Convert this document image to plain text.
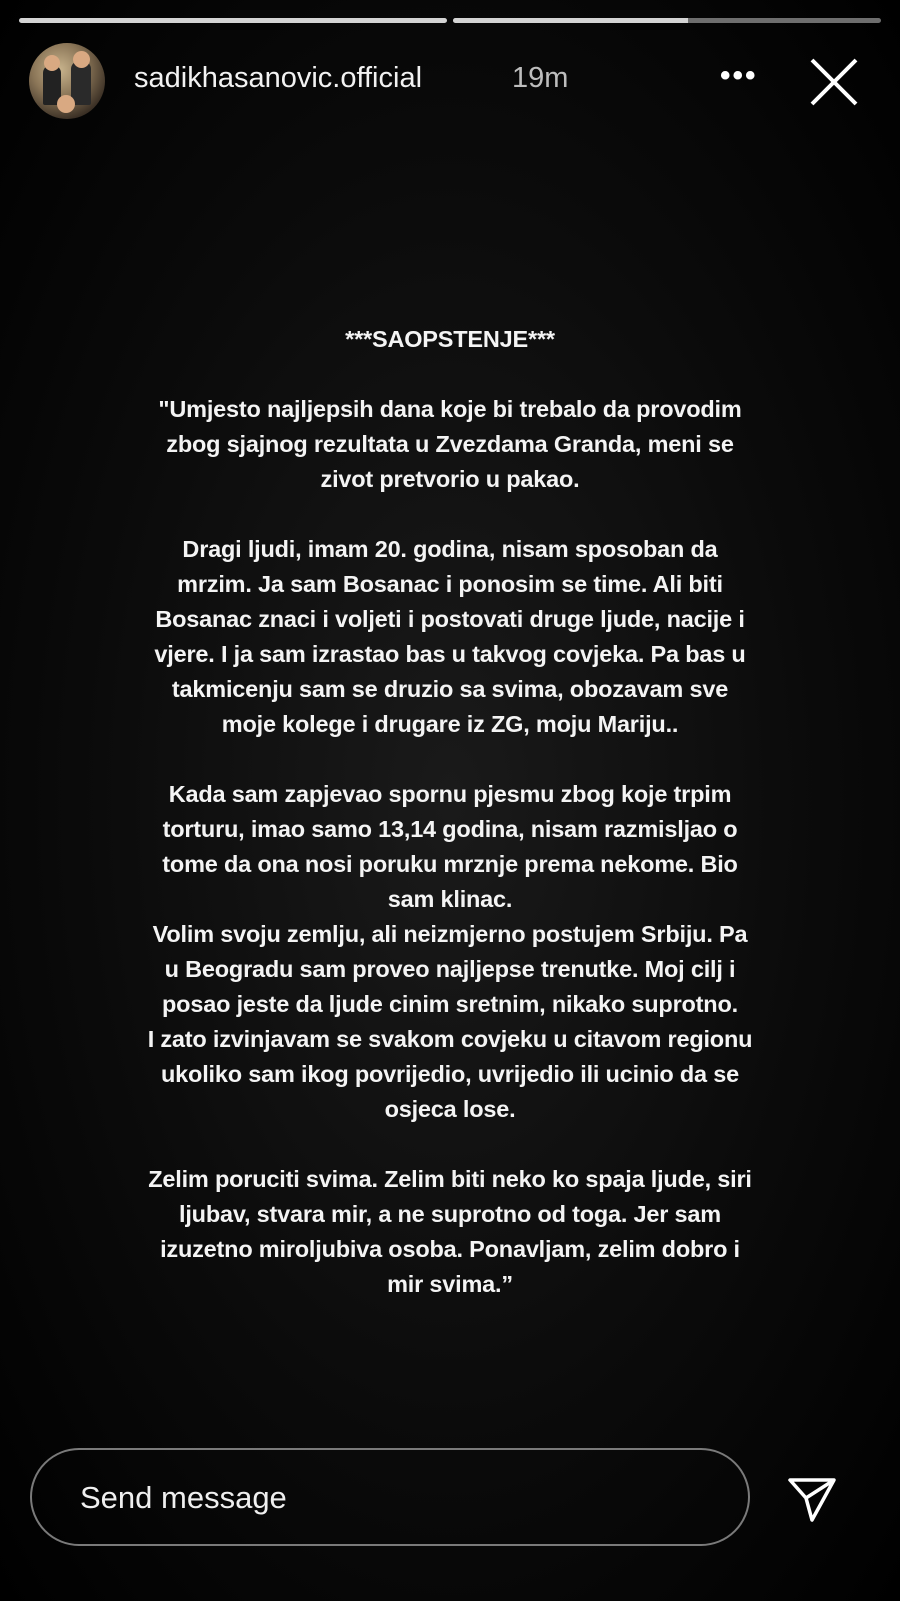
sadikhasanovic.official	19m	•••
***SAOPSTENJE***
"Umjesto najljepsih dana koje bi trebalo da provodim
zbog sjajnog rezultata u Zvezdama Granda, meni se
zivot pretvorio u pakao.
Dragi ljudi, imam 20. godina, nisam sposoban da
mrzim. Ja sam Bosanac i ponosim se time. Ali biti
Bosanac znaci i voljeti i postovati druge ljude, nacije i
vjere. I ja sam izrastao bas u takvog covjeka. Pa bas u
takmicenju sam se druzio sa svima, obozavam sve
moje kolege i drugare iz ZG, moju Mariju..
Kada sam zapjevao spornu pjesmu zbog koje trpim
torturu, imao samo 13,14 godina, nisam razmisljao o
tome da ona nosi poruku mrznje prema nekome. Bio
sam klinac.
Volim svoju zemlju, ali neizmjerno postujem Srbiju. Pa
u Beogradu sam proveo najljepse trenutke. Moj cilj i
posao jeste da ljude cinim sretnim, nikako suprotno.
I zato izvinjavam se svakom covjeku u citavom regionu
ukoliko sam ikog povrijedio, uvrijedio ili ucinio da se
osjeca lose.
Zelim poruciti svima. Zelim biti neko ko spaja ljude, siri
ljubav, stvara mir, a ne suprotno od toga. Jer sam
izuzetno miroljubiva osoba. Ponavljam, zelim dobro i
mir svima.”
Send message
